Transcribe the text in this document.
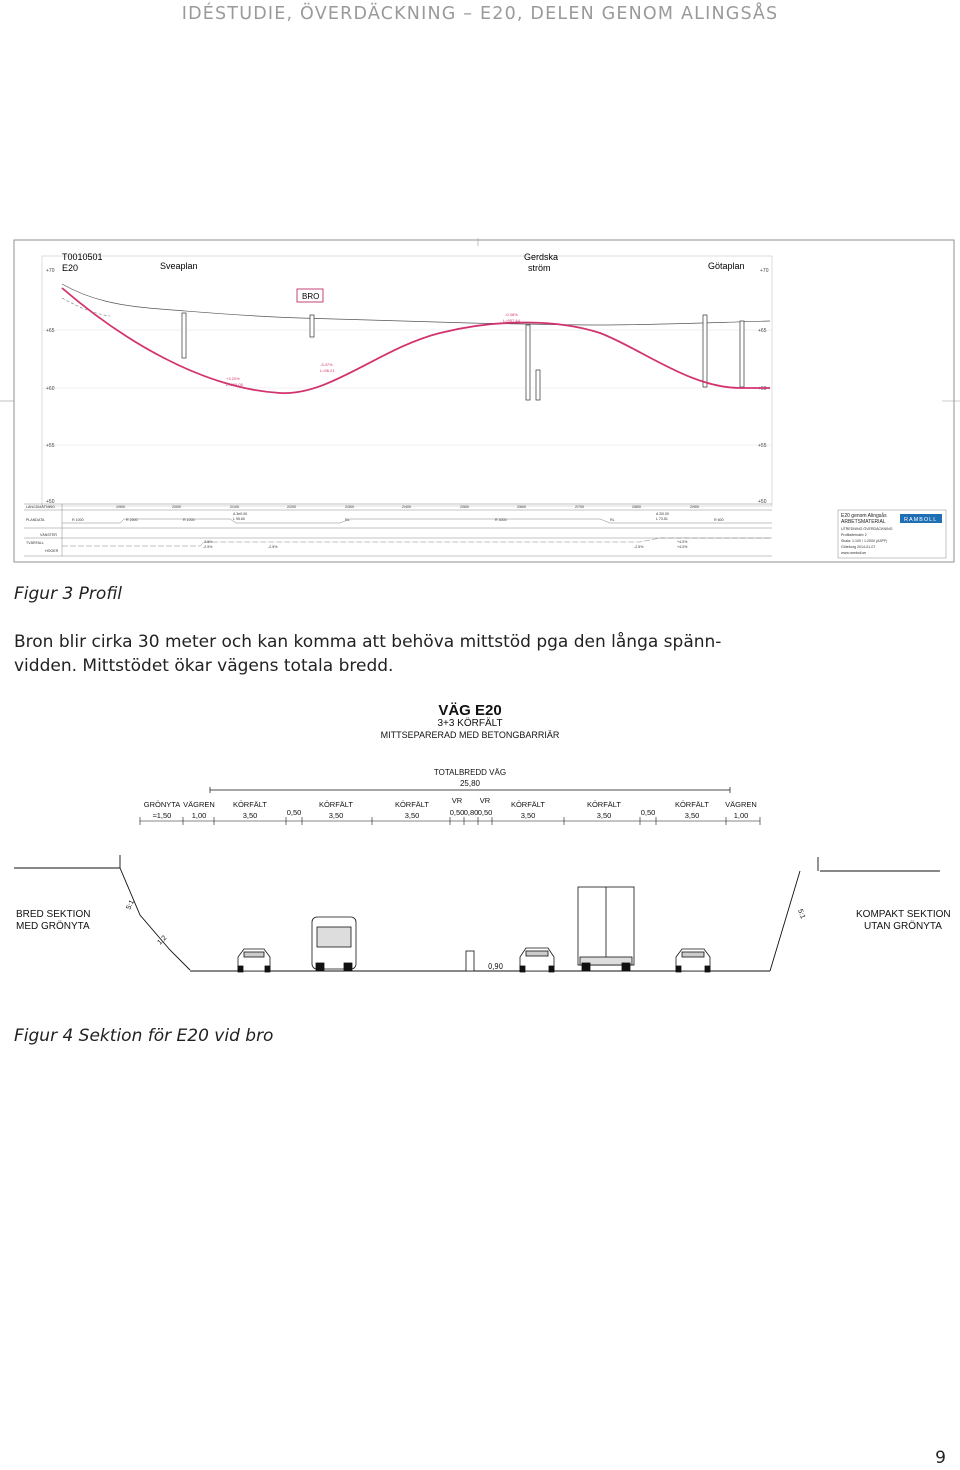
IDÉSTUDIE, ÖVERDÄCKNING – E20, DELEN GENOM ALINGSÅS
+70	+70
+65	+65
+60	+60
+55	+55
+50	+50
T0010501
E20	Sveaplan
Gerdska
ström	Götaplan
BRO
-0.38%
L=957.44
+3.20%
L=286.05
-3.47%
L=96.21
LÄNGDMÄTNING
PLANDATA
VÄNSTER
TVÄRFALL
HÖGER
1/900	2/000	2/100	2/200	2/300	2/400	2/500	2/600	2/700	2/800	2/900
R 1000	R 2500	R 1000
A 3e0.00
L 95.60	RL	R 3000	RL
A 2l0.00
L 73.51	R 600
-2.5%
-2.5%	-2.5%	-2.5%
+4.0%
+4.0%
RAMBOLL
E20 genom Alingsås
ARBETSMATERIAL
UTREDNING ÖVERDÄCKNING
Profilalternativ 2
Skala: 1:100 / 1:2000 (A3PF)
Göteborg 2014-01-07
www.ramboll.se
Figur 3 Profil
Bron blir cirka 30 meter och kan komma att behöva mittstöd pga den långa spänn-vidden. Mittstödet ökar vägens totala bredd.
VÄG E20
3+3 KÖRFÄLT
MITTSEPARERAD MED BETONGBARRIÄR
TOTALBREDD VÄG
25,80
GRÖNYTA
≈1,50
VÄGREN
1,00
KÖRFÄLT
3,50	0,50
KÖRFÄLT
3,50
KÖRFÄLT
3,50
VR
0,50 0,80
VR
0,50
KÖRFÄLT
3,50
KÖRFÄLT
3,50	0,50
KÖRFÄLT
3,50
VÄGREN
1,00
5:1
1:2
5:1
BRED SEKTION
MED GRÖNYTA
KOMPAKT SEKTION
UTAN GRÖNYTA
0,90
Figur 4 Sektion för E20 vid bro
9
